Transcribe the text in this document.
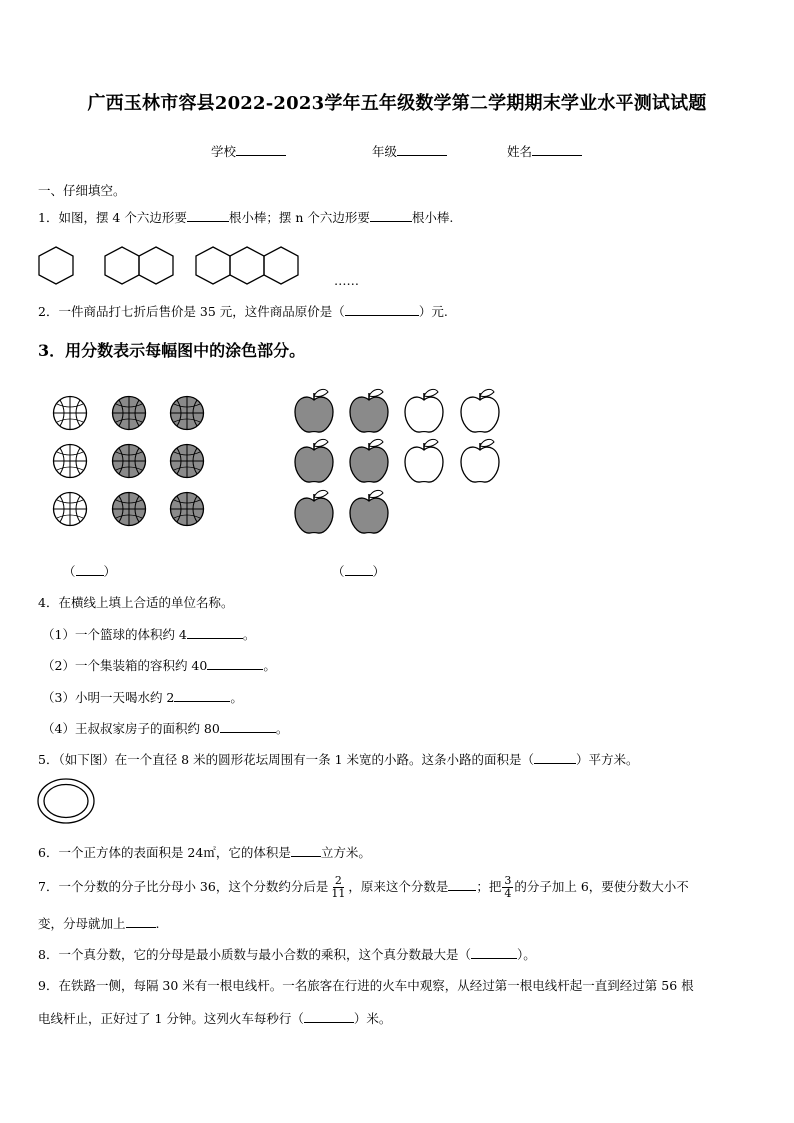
广西玉林市容县2022-2023学年五年级数学第二学期期末学业水平测试试题
学校	年级	姓名
一、仔细填空。
1．如图，摆 4 个六边形要	根小棒；摆 n 个六边形要	根小棒.
……
2．一件商品打七折后售价是 35 元，这件商品原价是（	）元.
3．用分数表示每幅图中的涂色部分。
（ ）	（ ）
4．在横线上填上合适的单位名称。
（1）一个篮球的体积约 4	。
（2）一个集装箱的容积约 40	。
（3）小明一天喝水约 2	。
（4）王叔叔家房子的面积约 80	。
5．（如下图）在一个直径 8 米的圆形花坛周围有一条 1 米宽的小路。这条小路的面积是（	）平方米。
6．一个正方体的表面积是 24㎡，它的体积是 立方米。
7．一个分数的分子比分母小 36，这个分数约分后是 $\frac{2}{11}$ ，原来这个分数是 ；把 $\frac{3}{4}$ 的分子加上 6，要使分数大小不
变，分母就加上 .
8．一个真分数，它的分母是最小质数与最小合数的乘积，这个真分数最大是（	）。
9．在铁路一侧，每隔 30 米有一根电线杆。一名旅客在行进的火车中观察，从经过第一根电线杆起一直到经过第 56 根
电线杆止，正好过了 1 分钟。这列火车每秒行（	）米。
